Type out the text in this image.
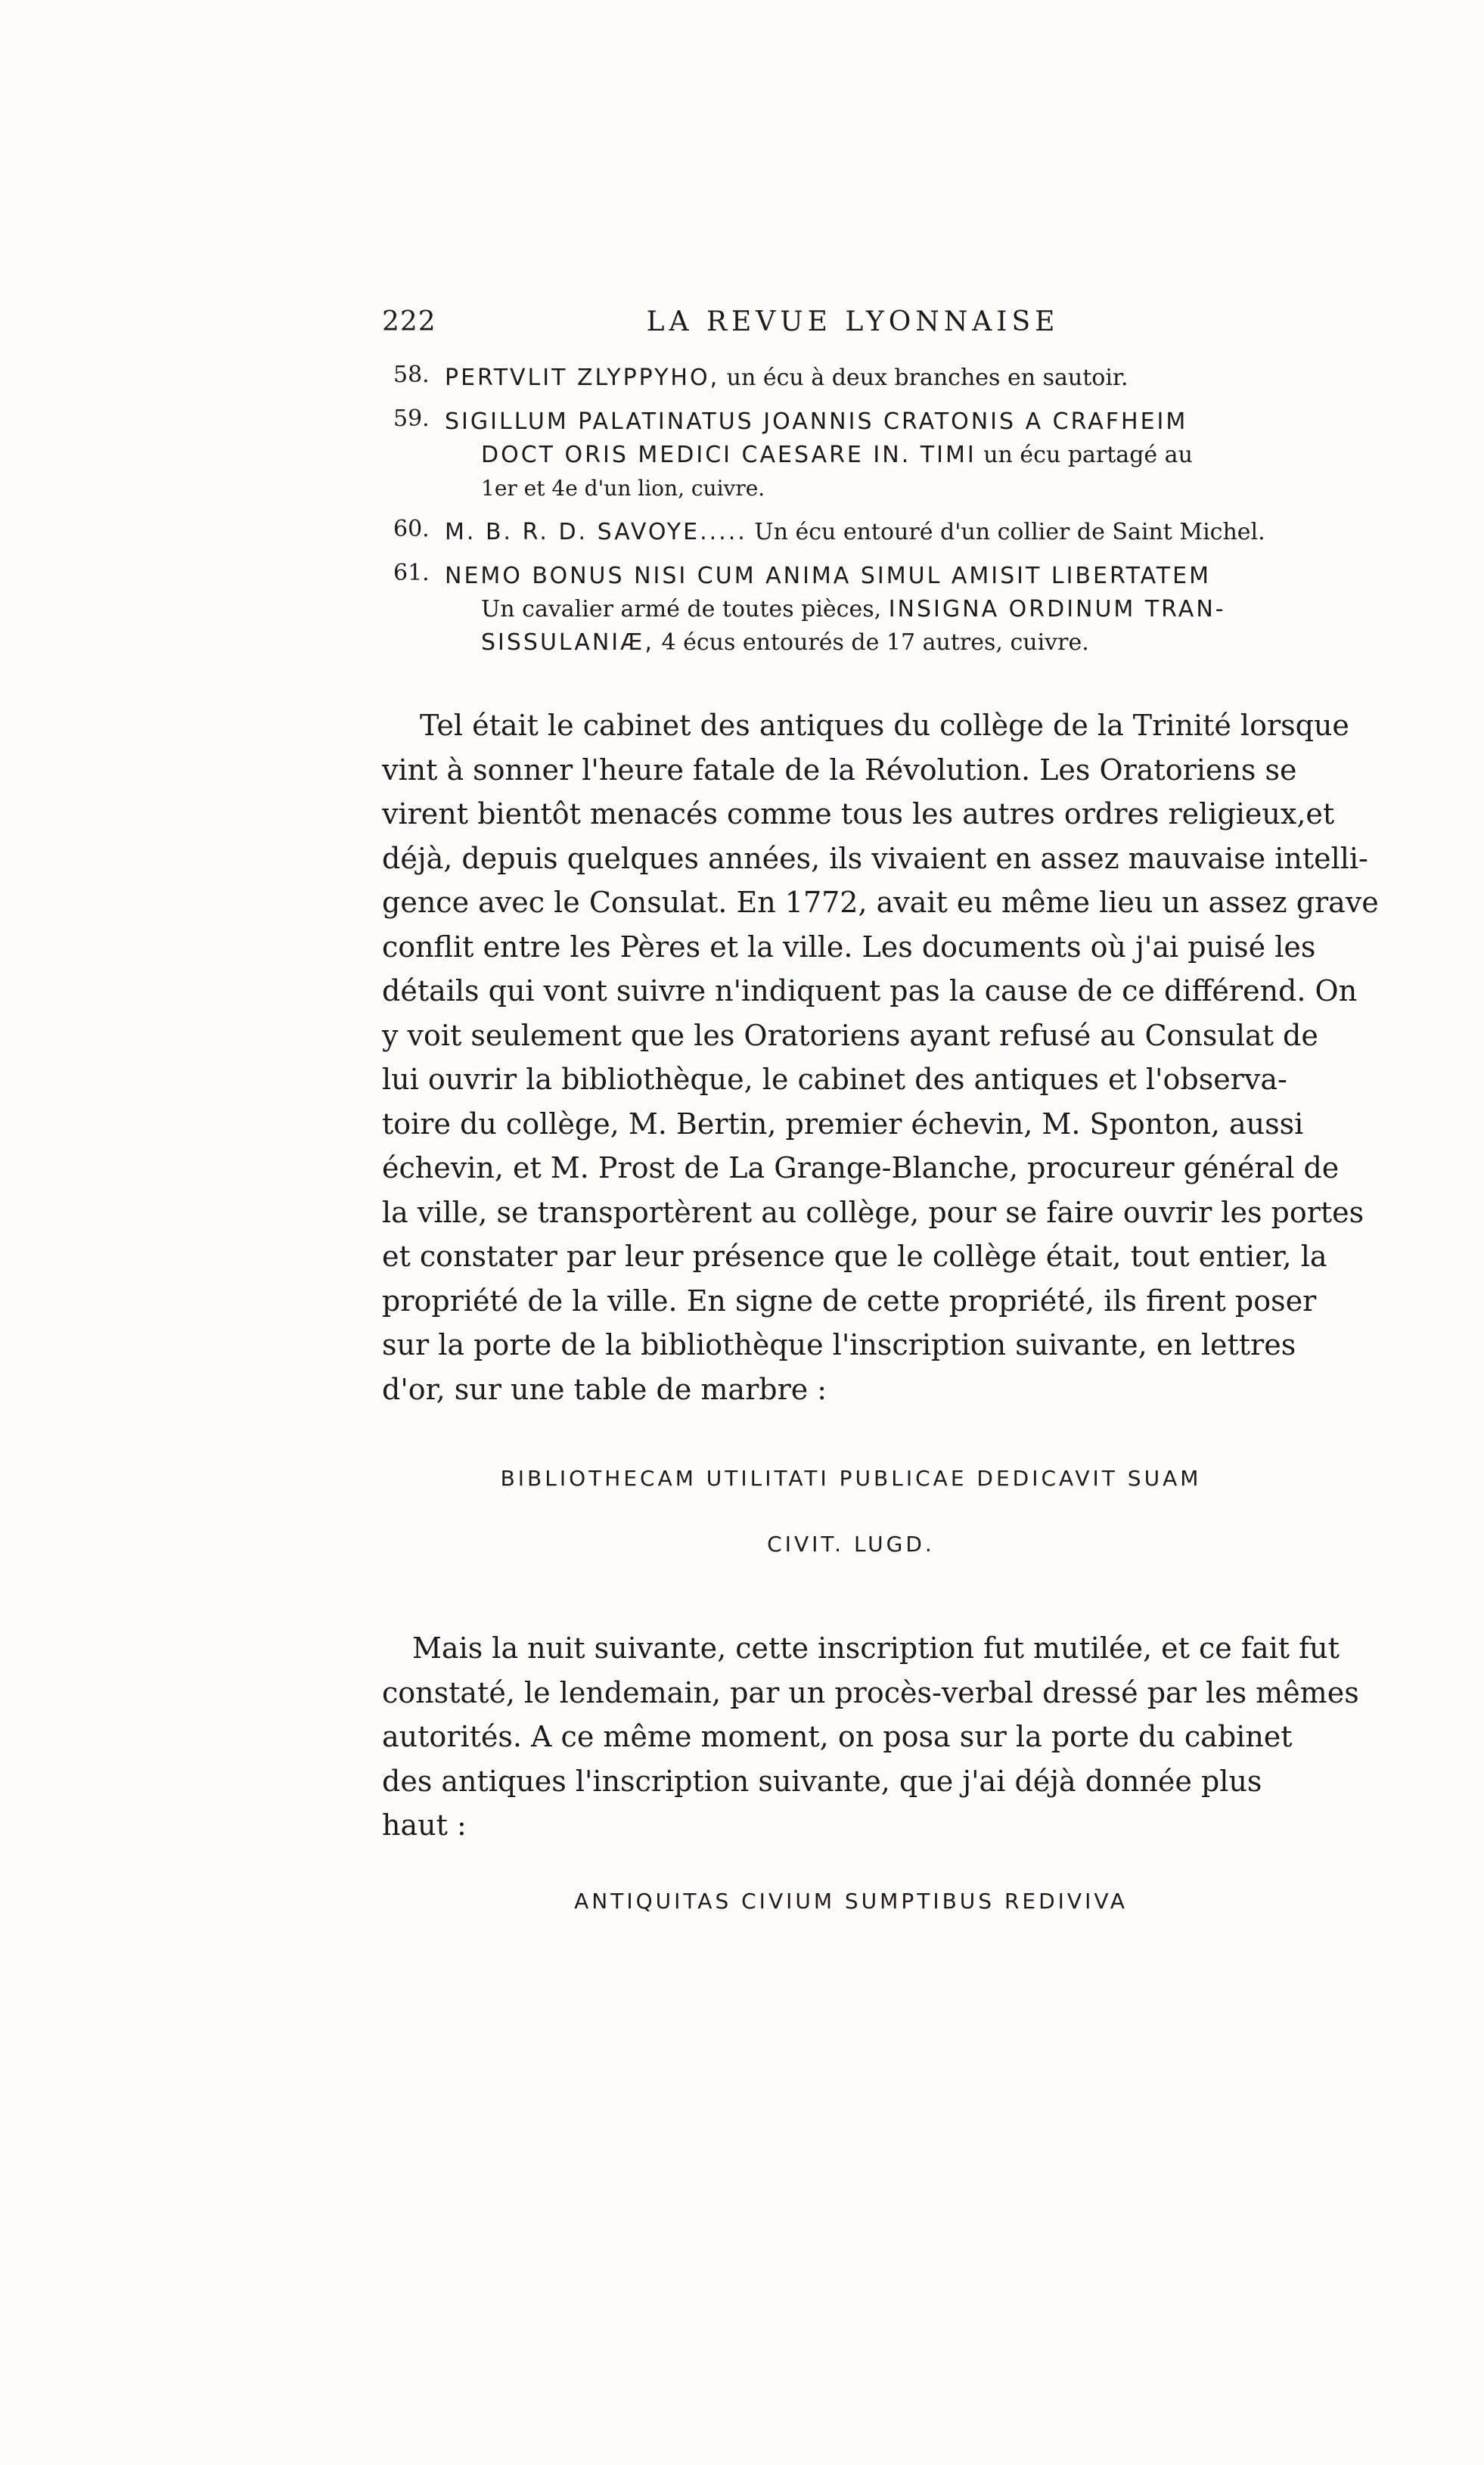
222	LA REVUE LYONNAISE
58. PERTVLIT ZLYPPYHO, un écu à deux branches en sautoir.
59. SIGILLUM PALATINATUS JOANNIS CRATONIS A CRAFHEIM
DOCT ORIS MEDICI CAESARE IN. TIMI un écu partagé au
1er et 4e d'un lion, cuivre.
60. M. B. R. D. SAVOYE..... Un écu entouré d'un collier de Saint Michel.
61. NEMO BONUS NISI CUM ANIMA SIMUL AMISIT LIBERTATEM
Un cavalier armé de toutes pièces, INSIGNA ORDINUM TRAN-
SISSULANIÆ, 4 écus entourés de 17 autres, cuivre.
Tel était le cabinet des antiques du collège de la Trinité lorsque
vint à sonner l'heure fatale de la Révolution. Les Oratoriens se
virent bientôt menacés comme tous les autres ordres religieux,et
déjà, depuis quelques années, ils vivaient en assez mauvaise intelli-
gence avec le Consulat. En 1772, avait eu même lieu un assez grave
conflit entre les Pères et la ville. Les documents où j'ai puisé les
détails qui vont suivre n'indiquent pas la cause de ce différend. On
y voit seulement que les Oratoriens ayant refusé au Consulat de
lui ouvrir la bibliothèque, le cabinet des antiques et l'observa-
toire du collège, M. Bertin, premier échevin, M. Sponton, aussi
échevin, et M. Prost de La Grange-Blanche, procureur général de
la ville, se transportèrent au collège, pour se faire ouvrir les portes
et constater par leur présence que le collège était, tout entier, la
propriété de la ville. En signe de cette propriété, ils firent poser
sur la porte de la bibliothèque l'inscription suivante, en lettres
d'or, sur une table de marbre :
BIBLIOTHECAM UTILITATI PUBLICAE DEDICAVIT SUAM
CIVIT. LUGD.
Mais la nuit suivante, cette inscription fut mutilée, et ce fait fut
constaté, le lendemain, par un procès-verbal dressé par les mêmes
autorités. A ce même moment, on posa sur la porte du cabinet
des antiques l'inscription suivante, que j'ai déjà donnée plus
haut :
ANTIQUITAS CIVIUM SUMPTIBUS REDIVIVA
